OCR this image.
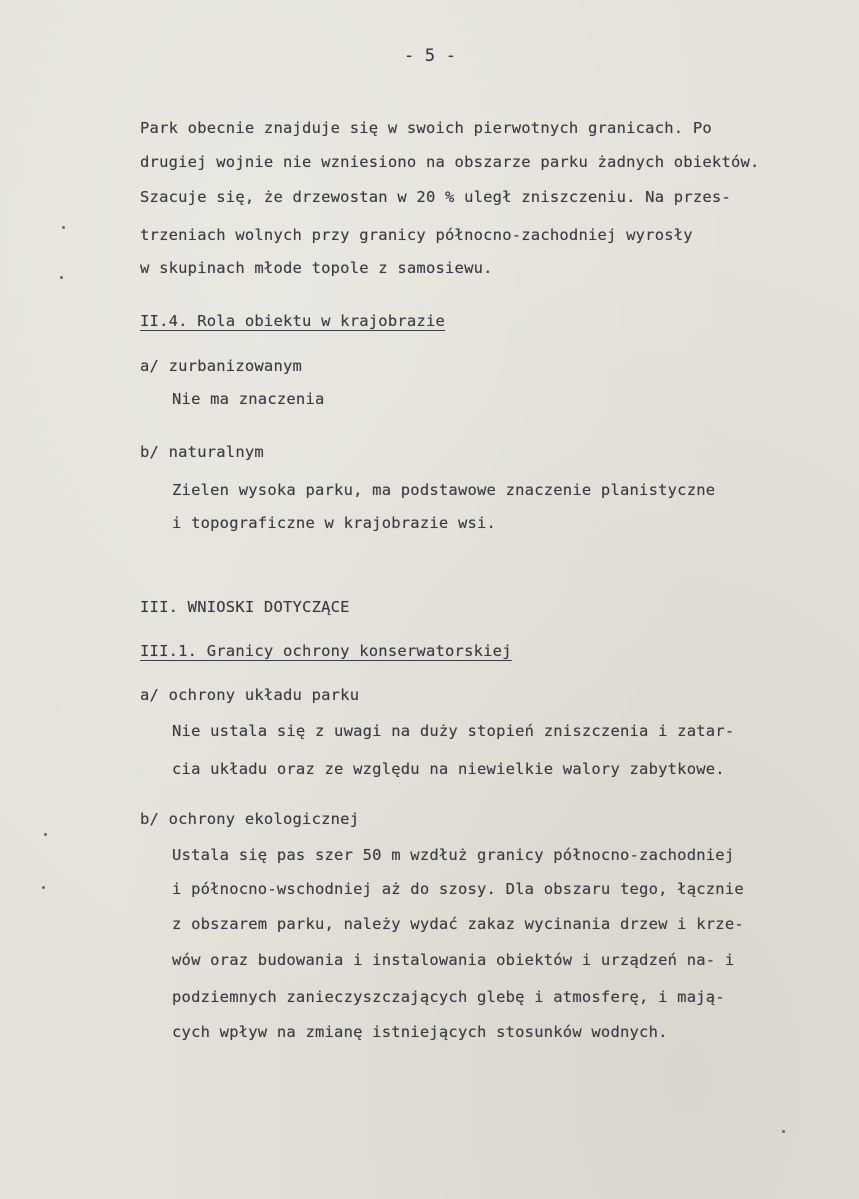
- 5 -
Park obecnie znajduje się w swoich pierwotnych granicach. Po
drugiej wojnie nie wzniesiono na obszarze parku żadnych obiektów.
Szacuje się, że drzewostan w 20 % uległ zniszczeniu. Na przes-
trzeniach wolnych przy granicy północno-zachodniej wyrosły
w skupinach młode topole z samosiewu.
II.4. Rola obiektu w krajobrazie
a/ zurbanizowanym
Nie ma znaczenia
b/ naturalnym
Zielen wysoka parku, ma podstawowe znaczenie planistyczne
i topograficzne w krajobrazie wsi.
III. WNIOSKI DOTYCZĄCE
III.1. Granicy ochrony konserwatorskiej
a/ ochrony układu parku
Nie ustala się z uwagi na duży stopień zniszczenia i zatar-
cia układu oraz ze względu na niewielkie walory zabytkowe.
b/ ochrony ekologicznej
Ustala się pas szer 50 m wzdłuż granicy północno-zachodniej
i północno-wschodniej aż do szosy. Dla obszaru tego, łącznie
z obszarem parku, należy wydać zakaz wycinania drzew i krze-
wów oraz budowania i instalowania obiektów i urządzeń na- i
podziemnych zanieczyszczających glebę i atmosferę, i mają-
cych wpływ na zmianę istniejących stosunków wodnych.
